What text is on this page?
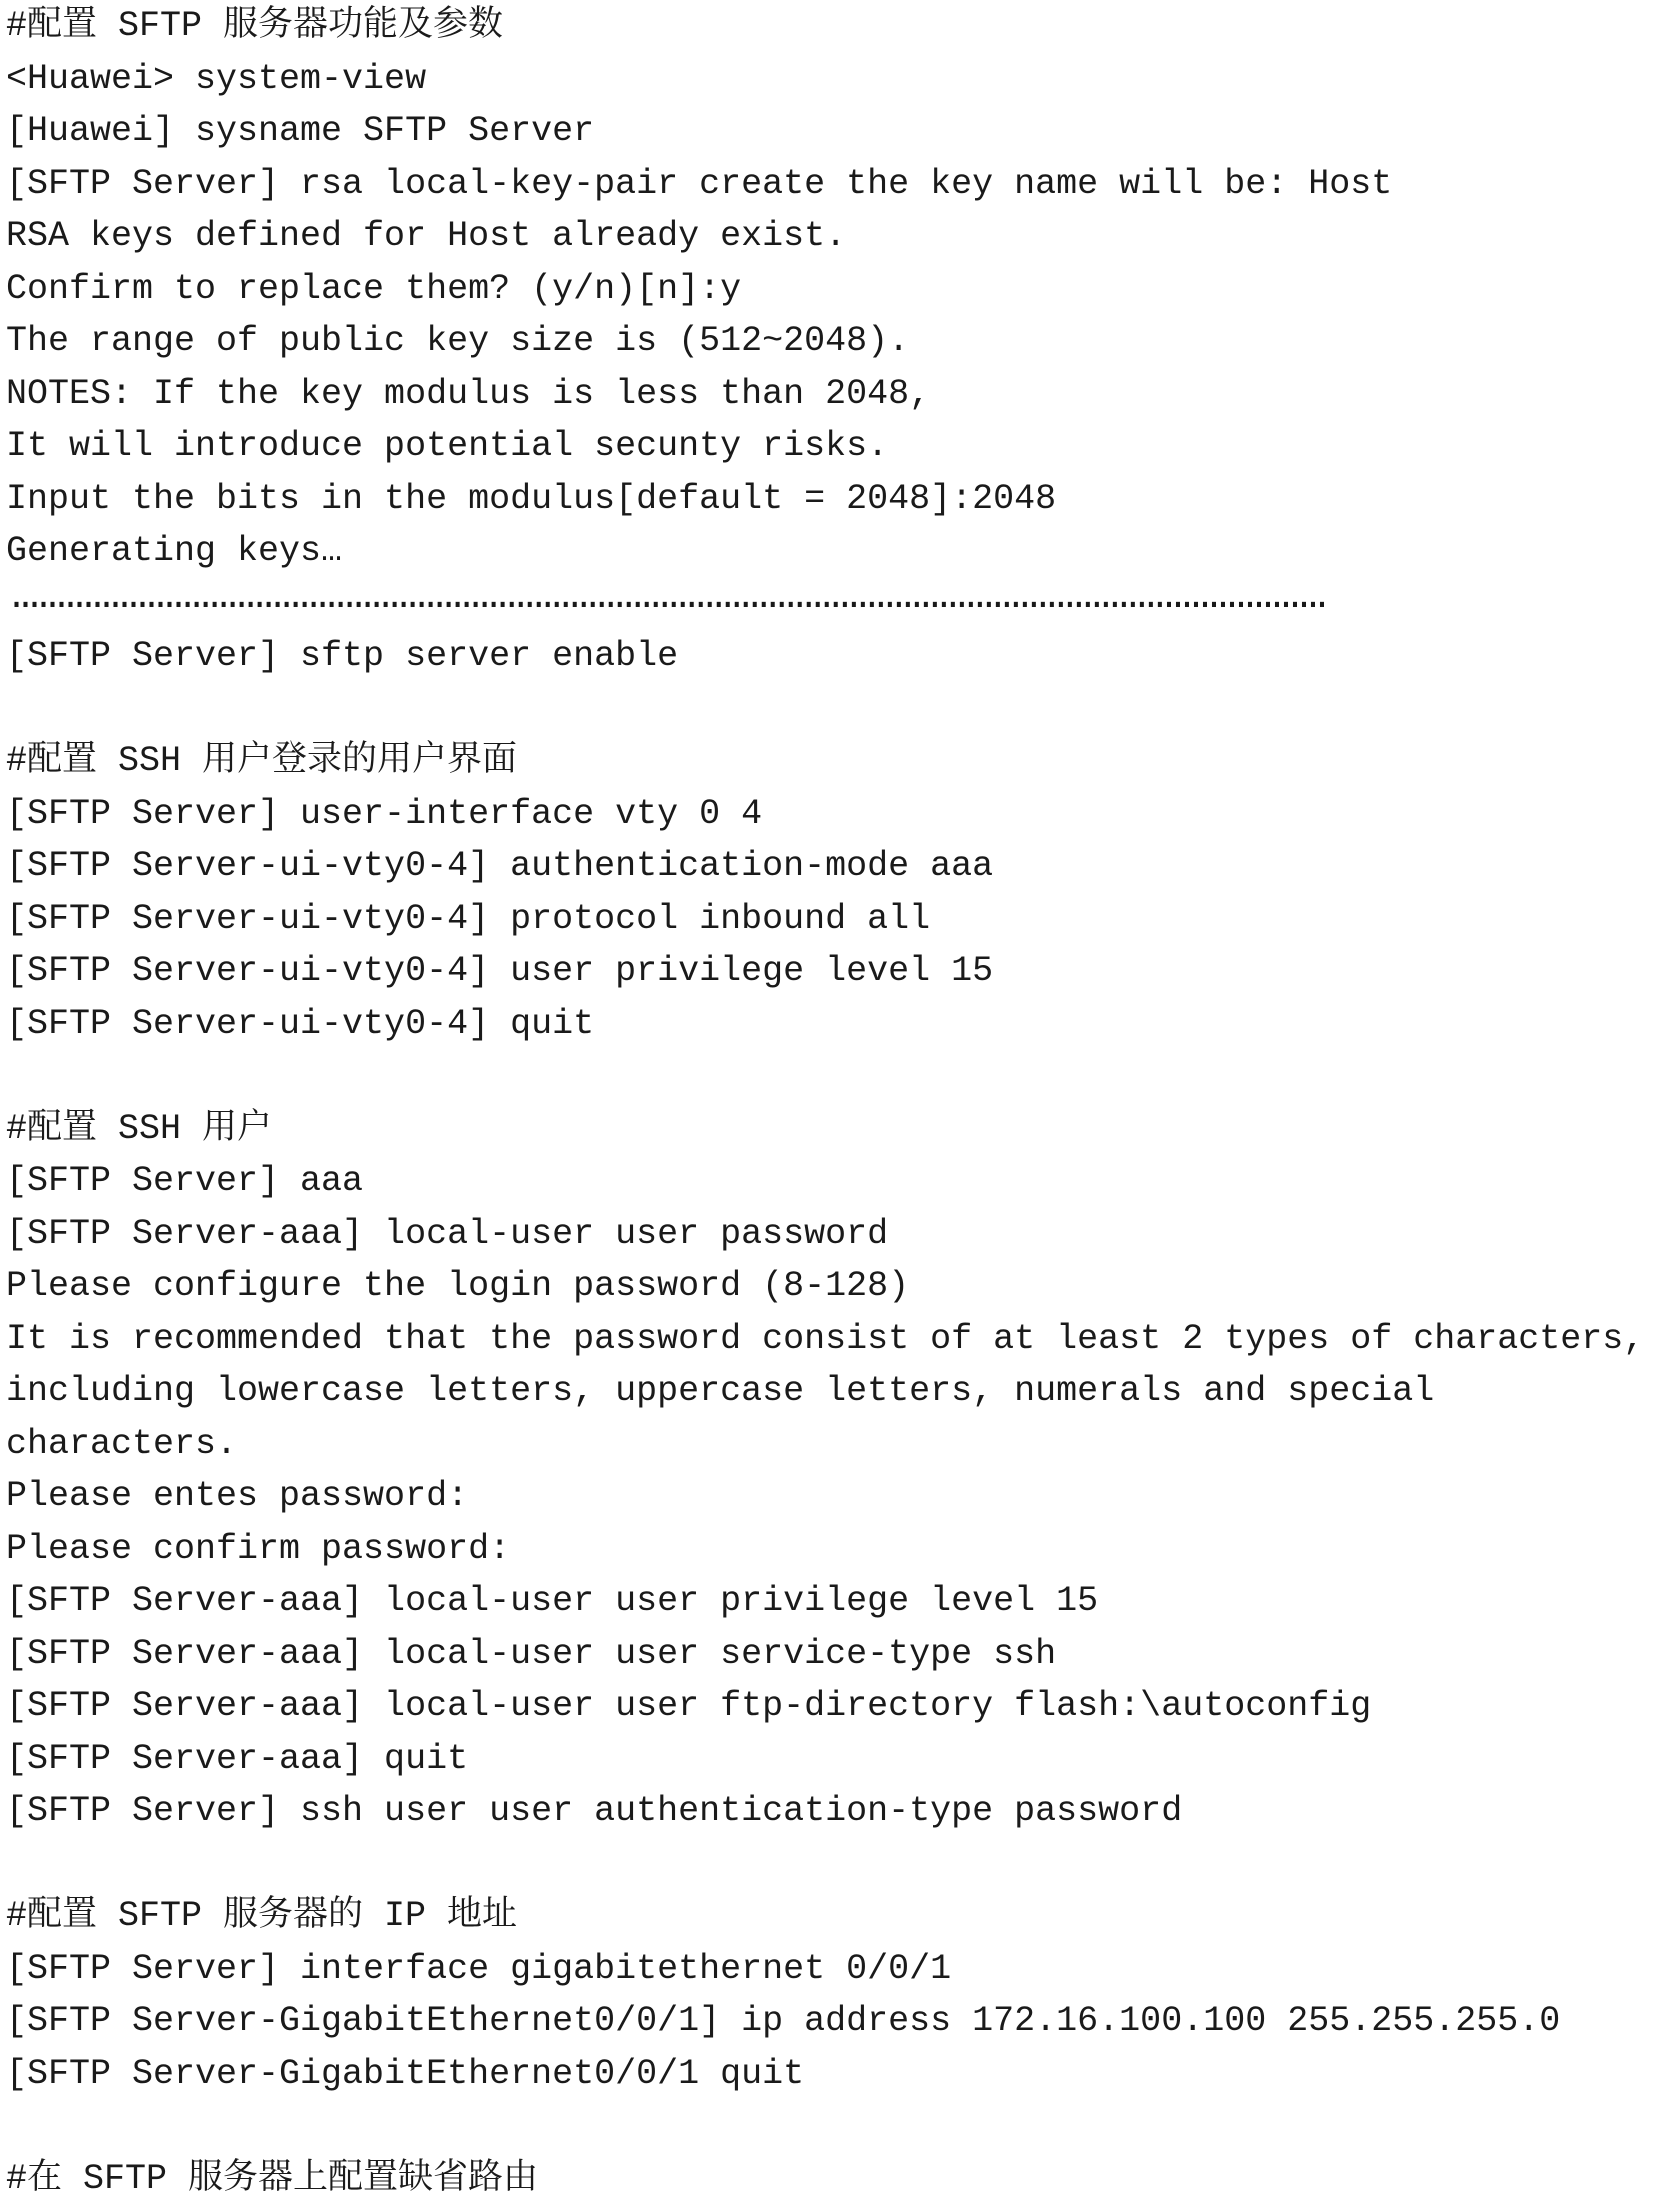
#配置 SFTP 服务器功能及参数
<Huawei> system-view
[Huawei] sysname SFTP Server
[SFTP Server] rsa local-key-pair create the key name will be: Host
RSA keys defined for Host already exist.
Confirm to replace them? (y/n)[n]:y
The range of public key size is (512~2048).
NOTES: If the key modulus is less than 2048,
It will introduce potential secunty risks.
Input the bits in the modulus[default = 2048]:2048
Generating keys…
..................................................................................................................................................
[SFTP Server] sftp server enable
#配置 SSH 用户登录的用户界面
[SFTP Server] user-interface vty 0 4
[SFTP Server-ui-vty0-4] authentication-mode aaa
[SFTP Server-ui-vty0-4] protocol inbound all
[SFTP Server-ui-vty0-4] user privilege level 15
[SFTP Server-ui-vty0-4] quit
#配置 SSH 用户
[SFTP Server] aaa
[SFTP Server-aaa] local-user user password
Please configure the login password (8-128)
It is recommended that the password consist of at least 2 types of characters,
including lowercase letters, uppercase letters, numerals and special
characters.
Please entes password:
Please confirm password:
[SFTP Server-aaa] local-user user privilege level 15
[SFTP Server-aaa] local-user user service-type ssh
[SFTP Server-aaa] local-user user ftp-directory flash:\autoconfig
[SFTP Server-aaa] quit
[SFTP Server] ssh user user authentication-type password
#配置 SFTP 服务器的 IP 地址
[SFTP Server] interface gigabitethernet 0/0/1
[SFTP Server-GigabitEthernet0/0/1] ip address 172.16.100.100 255.255.255.0
[SFTP Server-GigabitEthernet0/0/1 quit
#在 SFTP 服务器上配置缺省路由
